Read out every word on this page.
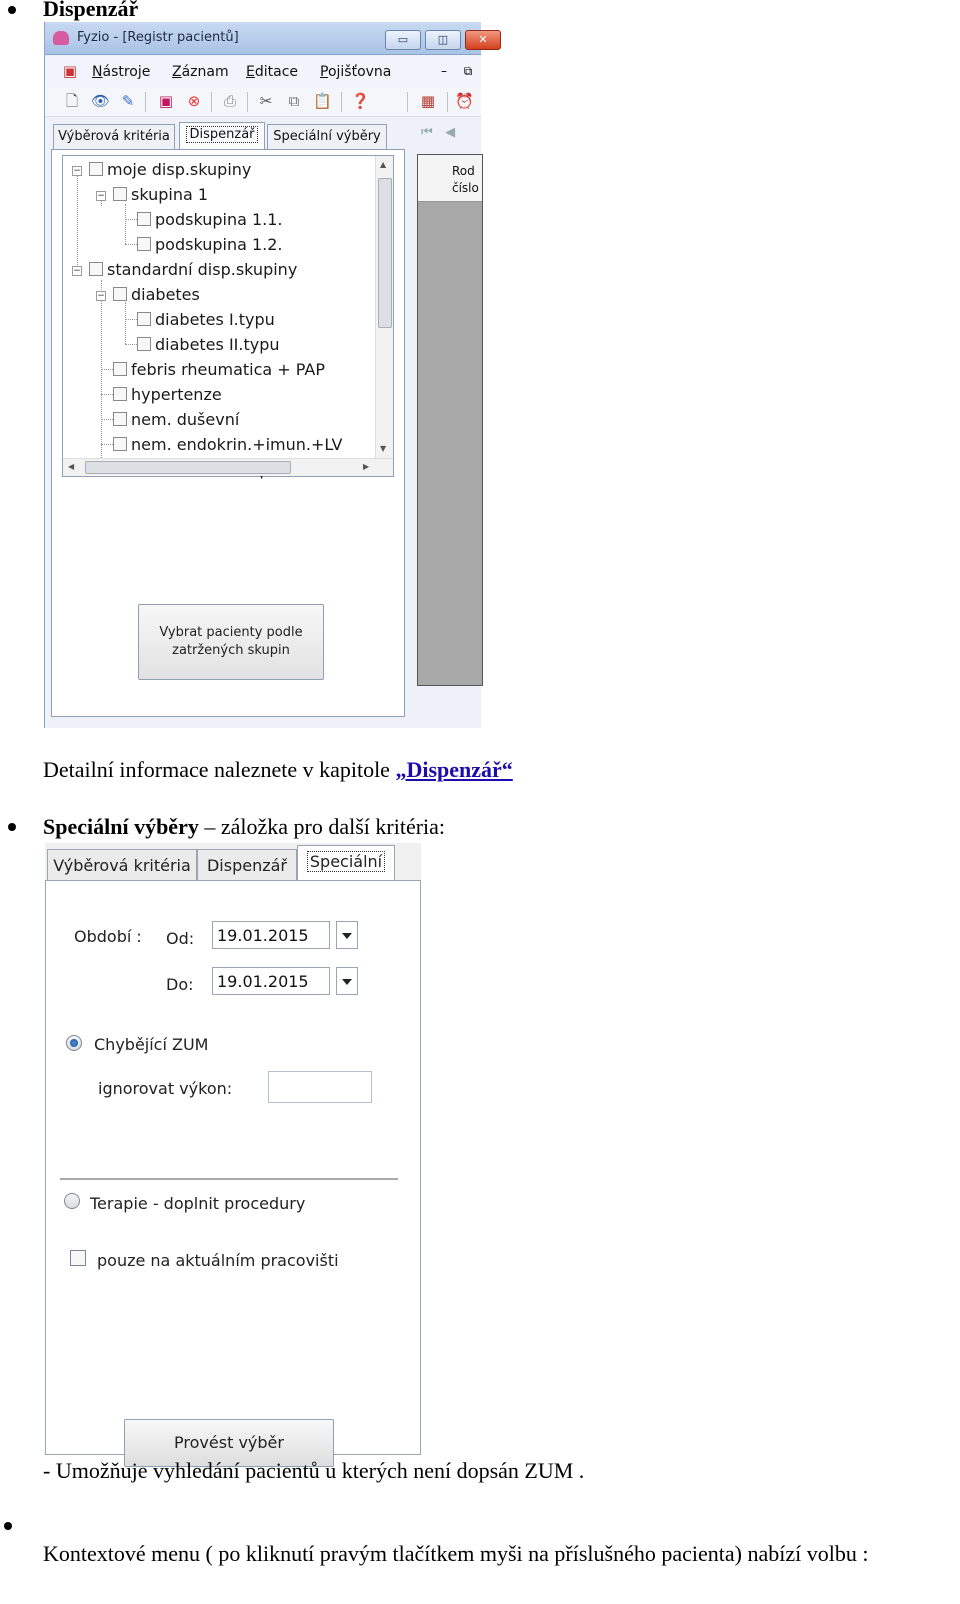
Dispenzář
Fyzio - [Registr pacientů]	▭	◫	✕
▣ Nástroje Záznam Editace Pojišťovna	–	⧉
🗋 👁 ✎ ▣ ⊗ ⎙ ✂ ⧉ 📋 ❓	▦ ⏰
Výběrová kritéria	Dispenzář	Speciální výběry	⏮   ◀
−
−
−
−
moje disp.skupiny
skupina 1
podskupina 1.1.
podskupina 1.2.
standardní disp.skupiny
diabetes
diabetes I.typu
diabetes II.typu
febris rheumatica + PAP
hypertenze
nem. duševní
nem. endokrin.+imun.+LV
▲
▼
◀	▶
Vybrat pacienty podle zatržených skupin
Rod
číslo
Detailní informace naleznete v kapitole „Dispenzář“
Speciální výběry – záložka pro další kritéria:
Výběrová kritéria	Dispenzář	Speciální
Období : Od:	19.01.2015
Do:	19.01.2015
Chybějící ZUM
ignorovat výkon:
Terapie - doplnit procedury
pouze na aktuálním pracovišti
Provést výběr
- Umožňuje vyhledání pacientů u kterých není dopsán ZUM .
Kontextové menu ( po kliknutí pravým tlačítkem myši na příslušného pacienta) nabízí volbu :
